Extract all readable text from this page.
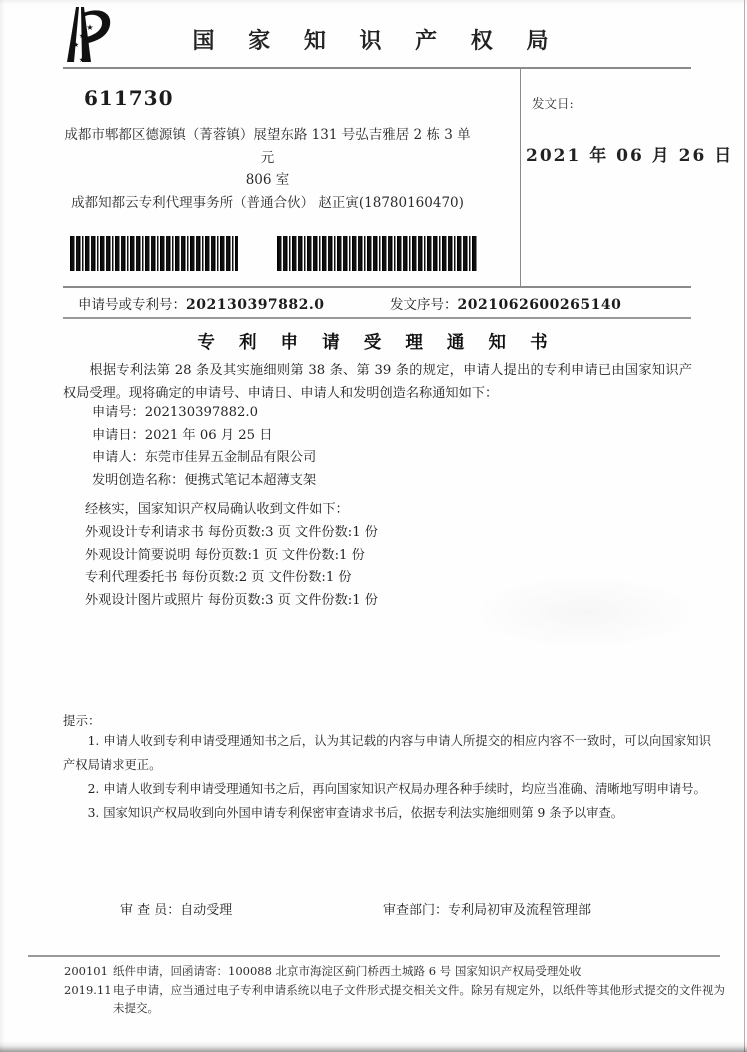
★
★
★
★
★
国 家 知 识 产 权 局
611730
成都市郫都区德源镇（菁蓉镇）展望东路 131 号弘吉雅居 2 栋 3 单元
806 室
成都知都云专利代理事务所（普通合伙） 赵正寅(18780160470)
发文日:
2021 年 06 月 26 日
申请号或专利号：202130397882.0	发文序号：2021062600265140
专 利 申 请 受 理 通 知 书
根据专利法第 28 条及其实施细则第 38 条、第 39 条的规定，申请人提出的专利申请已由国家知识产权局受理。现将确定的申请号、申请日、申请人和发明创造名称通知如下：
申请号：202130397882.0
申请日：2021 年 06 月 25 日
申请人：东莞市佳昇五金制品有限公司
发明创造名称：便携式笔记本超薄支架
经核实，国家知识产权局确认收到文件如下：
外观设计专利请求书 每份页数:3 页 文件份数:1 份
外观设计简要说明 每份页数:1 页 文件份数:1 份
专利代理委托书 每份页数:2 页 文件份数:1 份
外观设计图片或照片 每份页数:3 页 文件份数:1 份
提示：

1. 申请人收到专利申请受理通知书之后，认为其记载的内容与申请人所提交的相应内容不一致时，可以向国家知识产权局请求更正。

2. 申请人收到专利申请受理通知书之后，再向国家知识产权局办理各种手续时，均应当准确、清晰地写明申请号。

3. 国家知识产权局收到向外国申请专利保密审查请求书后，依据专利法实施细则第 9 条予以审查。

审 查 员：自动受理	审查部门：专利局初审及流程管理部
200101
2019.11

纸件申请，回函请寄：100088 北京市海淀区蓟门桥西土城路 6 号 国家知识产权局受理处收

电子申请，应当通过电子专利申请系统以电子文件形式提交相关文件。除另有规定外，以纸件等其他形式提交的文件视为未提交。
